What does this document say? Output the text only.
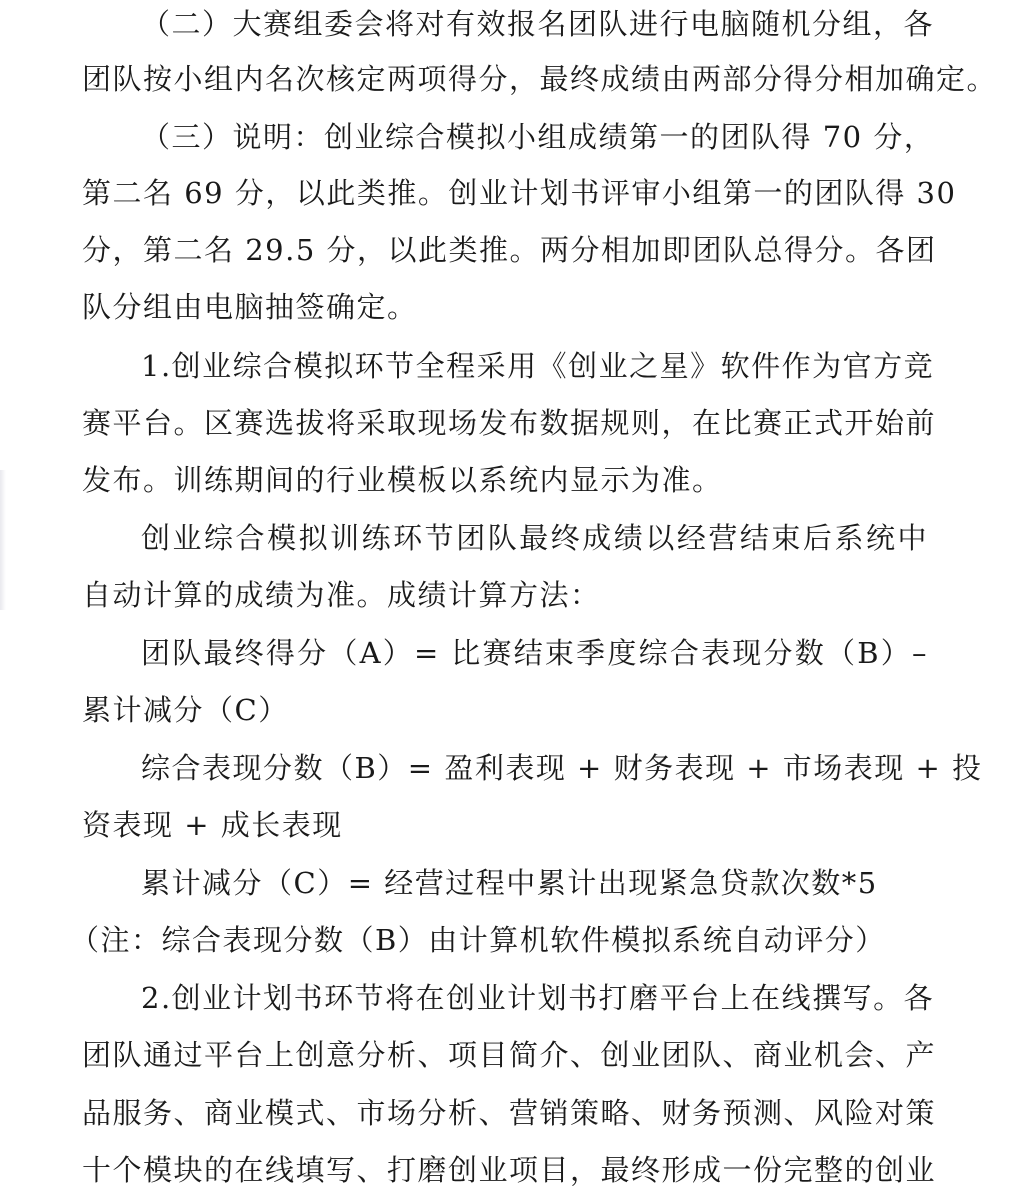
（二）大赛组委会将对有效报名团队进行电脑随机分组，各
团队按小组内名次核定两项得分，最终成绩由两部分得分相加确定。
（三）说明：创业综合模拟小组成绩第一的团队得 70 分，
第二名 69 分，以此类推。创业计划书评审小组第一的团队得 30
分，第二名 29.5 分，以此类推。两分相加即团队总得分。各团
队分组由电脑抽签确定。
1.创业综合模拟环节全程采用《创业之星》软件作为官方竞
赛平台。区赛选拔将采取现场发布数据规则，在比赛正式开始前
发布。训练期间的行业模板以系统内显示为准。
创业综合模拟训练环节团队最终成绩以经营结束后系统中
自动计算的成绩为准。成绩计算方法：
团队最终得分（A）= 比赛结束季度综合表现分数（B）–
累计减分（C）
综合表现分数（B）= 盈利表现 + 财务表现 + 市场表现 + 投
资表现 + 成长表现
累计减分（C）= 经营过程中累计出现紧急贷款次数*5
（注：综合表现分数（B）由计算机软件模拟系统自动评分）
2.创业计划书环节将在创业计划书打磨平台上在线撰写。各
团队通过平台上创意分析、项目简介、创业团队、商业机会、产
品服务、商业模式、市场分析、营销策略、财务预测、风险对策
十个模块的在线填写、打磨创业项目，最终形成一份完整的创业
